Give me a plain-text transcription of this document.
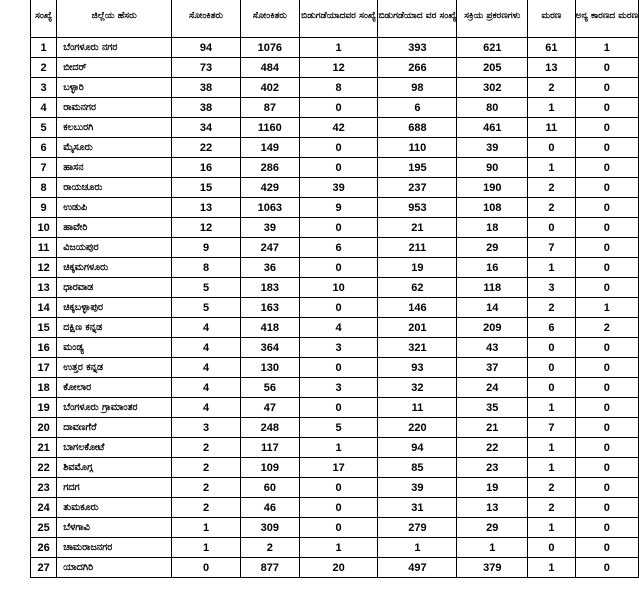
ಸಂಖ್ಯೆ	ಜಿಲ್ಲೆಯ ಹೆಸರು	ಸೋಂಕಿತರು	ಸೋಂಕಿತರು	ಬಿಡುಗಡೆಯಾದವರ ಸಂಖ್ಯೆ	ಬಿಡುಗಡೆಯಾದ ವರ ಸಂಖ್ಯೆ	ಸಕ್ರಿಯ ಪ್ರಕರಣಗಳು	ಮರಣ	ಅನ್ಯ ಕಾರಣದ ಮರಣ
1	ಬೆಂಗಳೂರು ನಗರ	94	1076	1	393	621	61	1
2	ಬೀದರ್	73	484	12	266	205	13	0
3	ಬಳ್ಳಾರಿ	38	402	8	98	302	2	0
4	ರಾಮನಗರ	38	87	0	6	80	1	0
5	ಕಲಬುರಗಿ	34	1160	42	688	461	11	0
6	ಮೈಸೂರು	22	149	0	110	39	0	0
7	ಹಾಸನ	16	286	0	195	90	1	0
8	ರಾಯಚೂರು	15	429	39	237	190	2	0
9	ಉಡುಪಿ	13	1063	9	953	108	2	0
10	ಹಾವೇರಿ	12	39	0	21	18	0	0
11	ವಿಜಯಪುರ	9	247	6	211	29	7	0
12	ಚಿಕ್ಕಮಗಳೂರು	8	36	0	19	16	1	0
13	ಧಾರವಾಡ	5	183	10	62	118	3	0
14	ಚಿಕ್ಕಬಳ್ಳಾಪುರ	5	163	0	146	14	2	1
15	ದಕ್ಷಿಣ ಕನ್ನಡ	4	418	4	201	209	6	2
16	ಮಂಡ್ಯ	4	364	3	321	43	0	0
17	ಉತ್ತರ ಕನ್ನಡ	4	130	0	93	37	0	0
18	ಕೋಲಾರ	4	56	3	32	24	0	0
19	ಬೆಂಗಳೂರು ಗ್ರಾಮಾಂತರ	4	47	0	11	35	1	0
20	ದಾವಣಗೆರೆ	3	248	5	220	21	7	0
21	ಬಾಗಲಕೋಟೆ	2	117	1	94	22	1	0
22	ಶಿವಮೊಗ್ಗ	2	109	17	85	23	1	0
23	ಗದಗ	2	60	0	39	19	2	0
24	ತುಮಕೂರು	2	46	0	31	13	2	0
25	ಬೆಳಗಾವಿ	1	309	0	279	29	1	0
26	ಚಾಮರಾಜನಗರ	1	2	1	1	1	0	0
27	ಯಾದಗಿರಿ	0	877	20	497	379	1	0
